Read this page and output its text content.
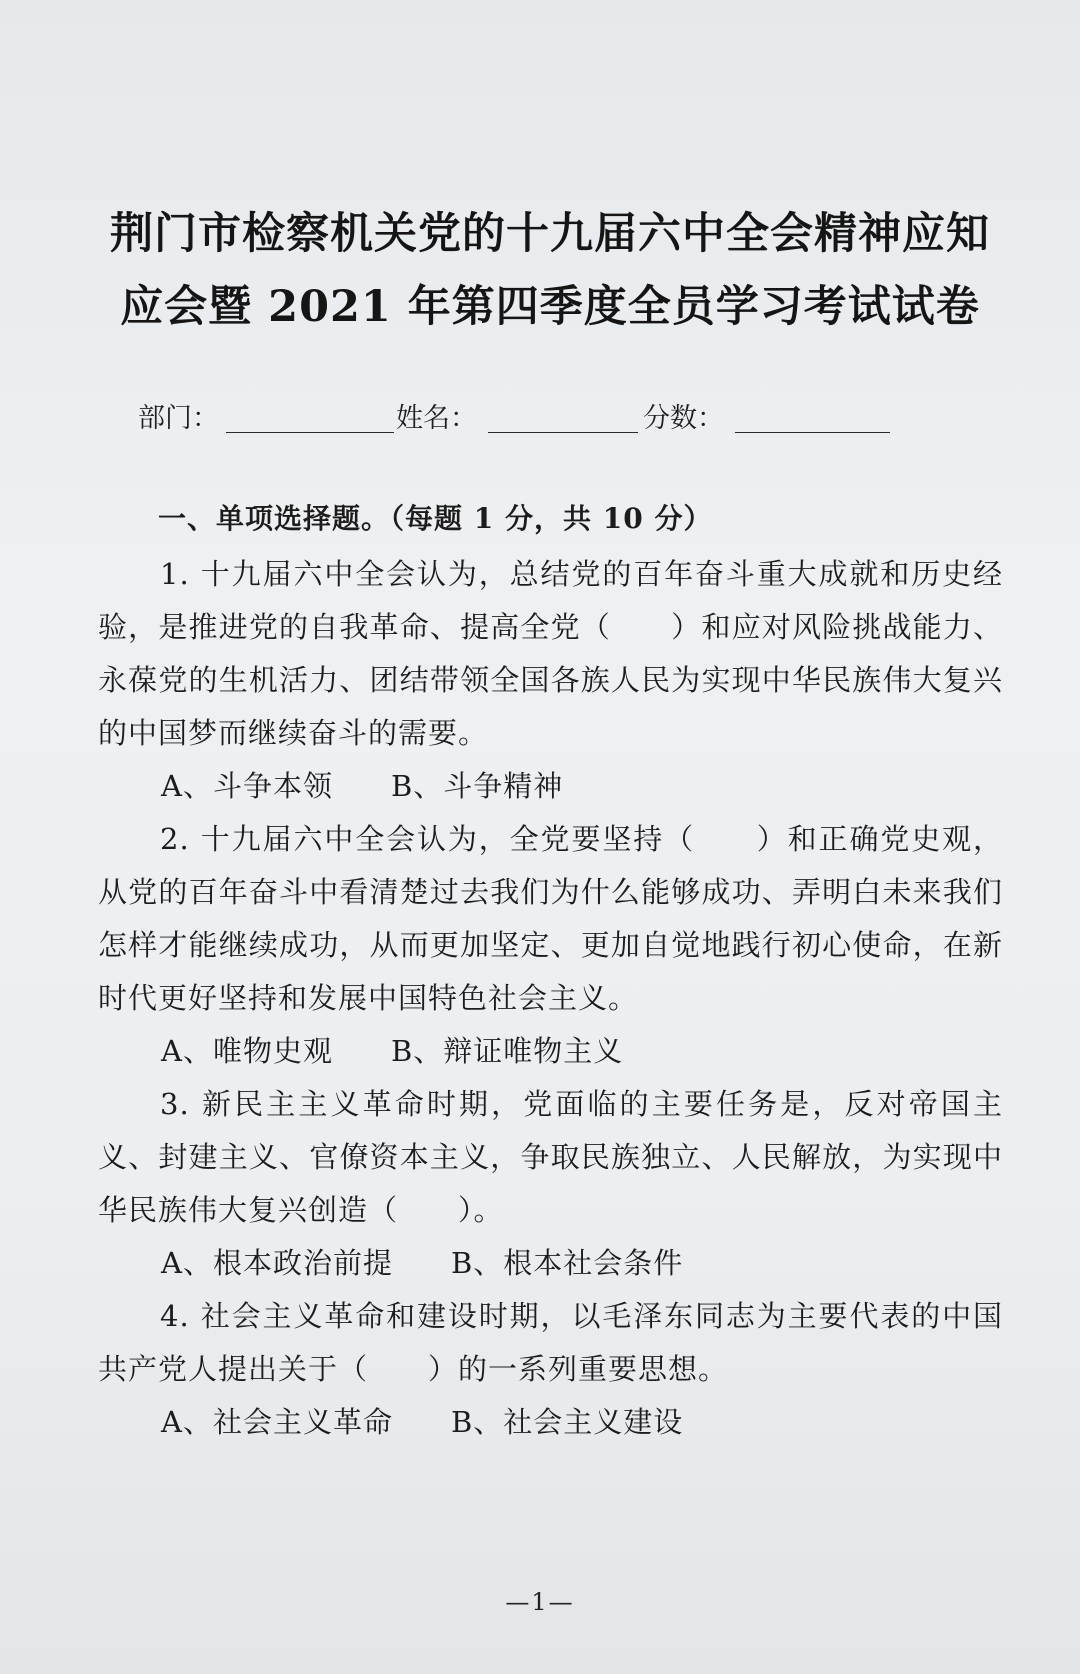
荆门市检察机关党的十九届六中全会精神应知
应会暨 2021 年第四季度全员学习考试试卷
部门：	姓名：	分数：
一、单项选择题。（每题 1 分，共 10 分）

1. 十九届六中全会认为，总结党的百年奋斗重大成就和历史经验，是推进党的自我革命、提高全党（　　）和应对风险挑战能力、永葆党的生机活力、团结带领全国各族人民为实现中华民族伟大复兴的中国梦而继续奋斗的需要。

A、斗争本领 B、斗争精神

2. 十九届六中全会认为，全党要坚持（　　）和正确党史观，从党的百年奋斗中看清楚过去我们为什么能够成功、弄明白未来我们怎样才能继续成功，从而更加坚定、更加自觉地践行初心使命，在新时代更好坚持和发展中国特色社会主义。

A、唯物史观 B、辩证唯物主义

3. 新民主主义革命时期，党面临的主要任务是，反对帝国主义、封建主义、官僚资本主义，争取民族独立、人民解放，为实现中华民族伟大复兴创造（　　）。

A、根本政治前提 B、根本社会条件

4. 社会主义革命和建设时期，以毛泽东同志为主要代表的中国共产党人提出关于（　　）的一系列重要思想。

A、社会主义革命 B、社会主义建设
—1—
